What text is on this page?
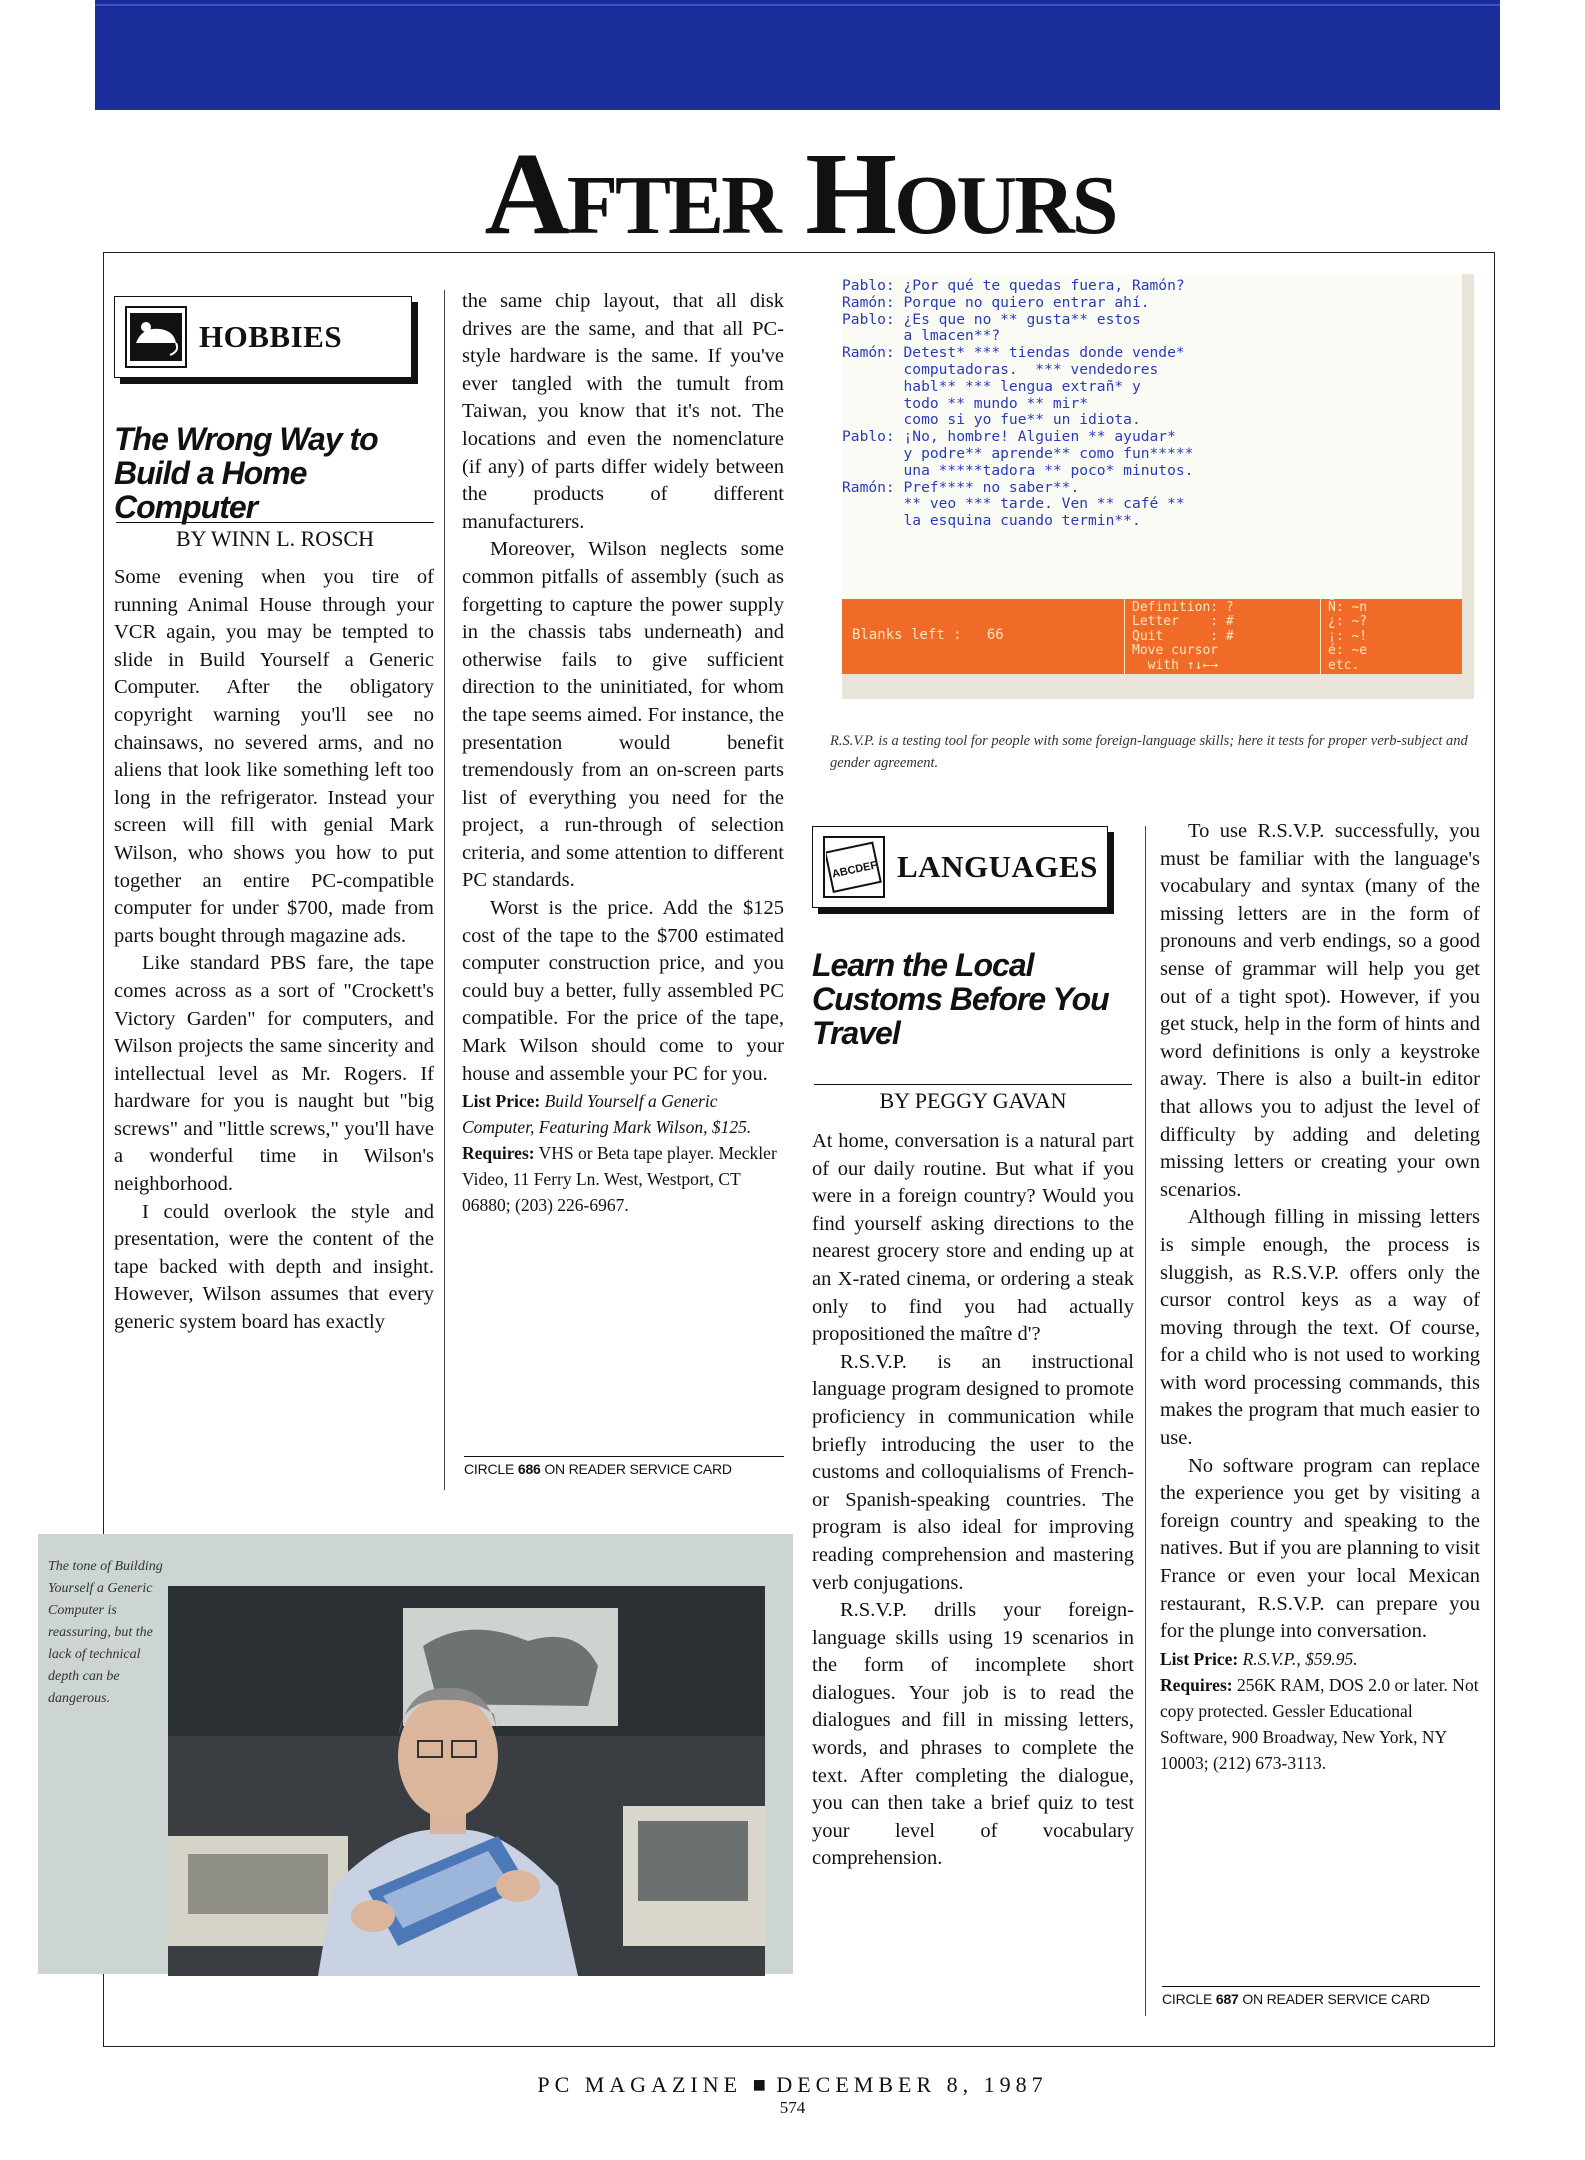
AFTER HOURS
HOBBIES
The Wrong Way to
Build a Home Computer
BY WINN L. ROSCH

Some evening when you tire of running Animal House through your VCR again, you may be tempted to slide in Build Yourself a Generic Computer. After the obligatory copyright warning you'll see no chainsaws, no severed arms, and no aliens that look like something left too long in the refrigerator. Instead your screen will fill with genial Mark Wilson, who shows you how to put together an entire PC-compatible computer for under $700, made from parts bought through magazine ads.

Like standard PBS fare, the tape comes across as a sort of "Crockett's Victory Garden" for computers, and Wilson projects the same sincerity and intellectual level as Mr. Rogers. If hardware for you is naught but "big screws" and "little screws," you'll have a wonderful time in Wilson's neighborhood.

I could overlook the style and presentation, were the content of the tape backed with depth and insight. However, Wilson assumes that every generic system board has exactly

the same chip layout, that all disk drives are the same, and that all PC-style hardware is the same. If you've ever tangled with the tumult from Taiwan, you know that it's not. The locations and even the nomenclature (if any) of parts differ widely between the products of different manufacturers.

Moreover, Wilson neglects some common pitfalls of assembly (such as forgetting to capture the power supply in the chassis tabs underneath) and otherwise fails to give sufficient direction to the uninitiated, for whom the tape seems aimed. For instance, the presentation would benefit tremendously from an on-screen parts list of everything you need for the project, a run-through of selection criteria, and some attention to different PC standards.

Worst is the price. Add the $125 cost of the tape to the $700 estimated computer construction price, and you could buy a better, fully assembled PC compatible. For the price of the tape, Mark Wilson should come to your house and assemble your PC for you.

List Price: Build Yourself a Generic Computer, Featuring Mark Wilson, $125.

Requires: VHS or Beta tape player. Meckler Video, 11 Ferry Ln. West, Westport, CT 06880; (203) 226-6967.

CIRCLE 686 ON READER SERVICE CARD
Pablo: ¿Por qué te quedas fuera, Ramón?
Ramón: Porque no quiero entrar ahí.
Pablo: ¿Es que no ** gusta** estos
a lmacen**?
Ramón: Detest* *** tiendas donde vende*
computadoras.  *** vendedores
habl** *** lengua extrañ* y
todo ** mundo ** mir*
como si yo fue** un idiota.
Pablo: ¡No, hombre! Alguien ** ayudar*
y podre** aprende** como fun*****
una *****tadora ** poco* minutos.
Ramón: Pref**** no saber**.
** veo *** tarde. Ven ** café **
la esquina cuando termin**.
Blanks left :   66
Definition: ?
Letter    : #
Quit      : #
Move cursor
with ↑↓←→
Ñ: ~n
¿: ~?
¡: ~!
é: ~e
etc.
R.S.V.P. is a testing tool for people with some foreign-language skills; here it tests for proper verb-subject and gender agreement.
ABCDEF LANGUAGES
Learn the Local
Customs Before You
Travel
BY PEGGY GAVAN

At home, conversation is a natural part of our daily routine. But what if you were in a foreign country? Would you find yourself asking directions to the nearest grocery store and ending up at an X-rated cinema, or ordering a steak only to find you had actually propositioned the maître d'?

R.S.V.P. is an instructional language program designed to promote proficiency in communication while briefly introducing the user to the customs and colloquialisms of French- or Spanish-speaking countries. The program is also ideal for improving reading comprehension and mastering verb conjugations.

R.S.V.P. drills your foreign-language skills using 19 scenarios in the form of incomplete short dialogues. Your job is to read the dialogues and fill in missing letters, words, and phrases to complete the text. After completing the dialogue, you can then take a brief quiz to test your level of vocabulary comprehension.

To use R.S.V.P. successfully, you must be familiar with the language's vocabulary and syntax (many of the missing letters are in the form of pronouns and verb endings, so a good sense of grammar will help you get out of a tight spot). However, if you get stuck, help in the form of hints and word definitions is only a keystroke away. There is also a built-in editor that allows you to adjust the level of difficulty by adding and deleting missing letters or creating your own scenarios.

Although filling in missing letters is simple enough, the process is sluggish, as R.S.V.P. offers only the cursor control keys as a way of moving through the text. Of course, for a child who is not used to working with word processing commands, this makes the program that much easier to use.

No software program can replace the experience you get by visiting a foreign country and speaking to the natives. But if you are planning to visit France or even your local Mexican restaurant, R.S.V.P. can prepare you for the plunge into conversation.

List Price: R.S.V.P., $59.95.

Requires: 256K RAM, DOS 2.0 or later. Not copy protected. Gessler Educational Software, 900 Broadway, New York, NY 10003; (212) 673-3113.

CIRCLE 687 ON READER SERVICE CARD
The tone of Building Yourself a Generic Computer is reassuring, but the lack of technical depth can be dangerous.
PC MAGAZINE ■ DECEMBER 8, 1987
574
